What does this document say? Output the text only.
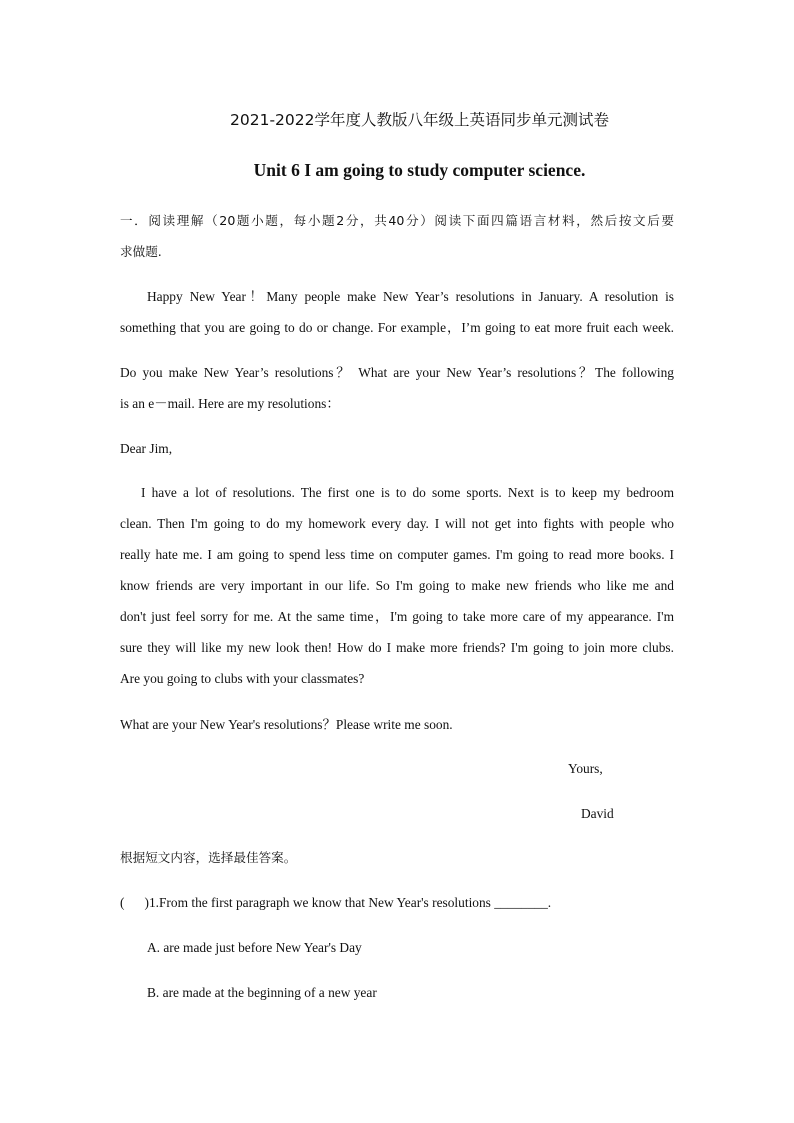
2021-2022学年度人教版八年级上英语同步单元测试卷
Unit 6 I am going to study computer science.
一．阅读理解（20题小题，每小题2分，共40分）阅读下面四篇语言材料，然后按文后要
求做题.
Happy New Year！Many people make New Year’s resolutions in January. A resolution is
something that you are going to do or change. For example，I’m going to eat more fruit each week.
Do you make New Year’s resolutions？ What are your New Year’s resolutions？The following
is an e－mail. Here are my resolutions：
Dear Jim,
I have a lot of resolutions. The first one is to do some sports. Next is to keep my bedroom
clean. Then I'm going to do my homework every day. I will not get into fights with people who
really hate me. I am going to spend less time on computer games. I'm going to read more books. I
know friends are very important in our life. So I'm going to make new friends who like me and
don't just feel sorry for me. At the same time，I'm going to take more care of my appearance. I'm
sure they will like my new look then! How do I make more friends? I'm going to join more clubs.
Are you going to clubs with your classmates?
What are your New Year's resolutions？Please write me soon.
Yours,
David
根据短文内容，选择最佳答案。
( )1.From the first paragraph we know that New Year's resolutions ________.
A. are made just before New Year's Day
B. are made at the beginning of a new year
